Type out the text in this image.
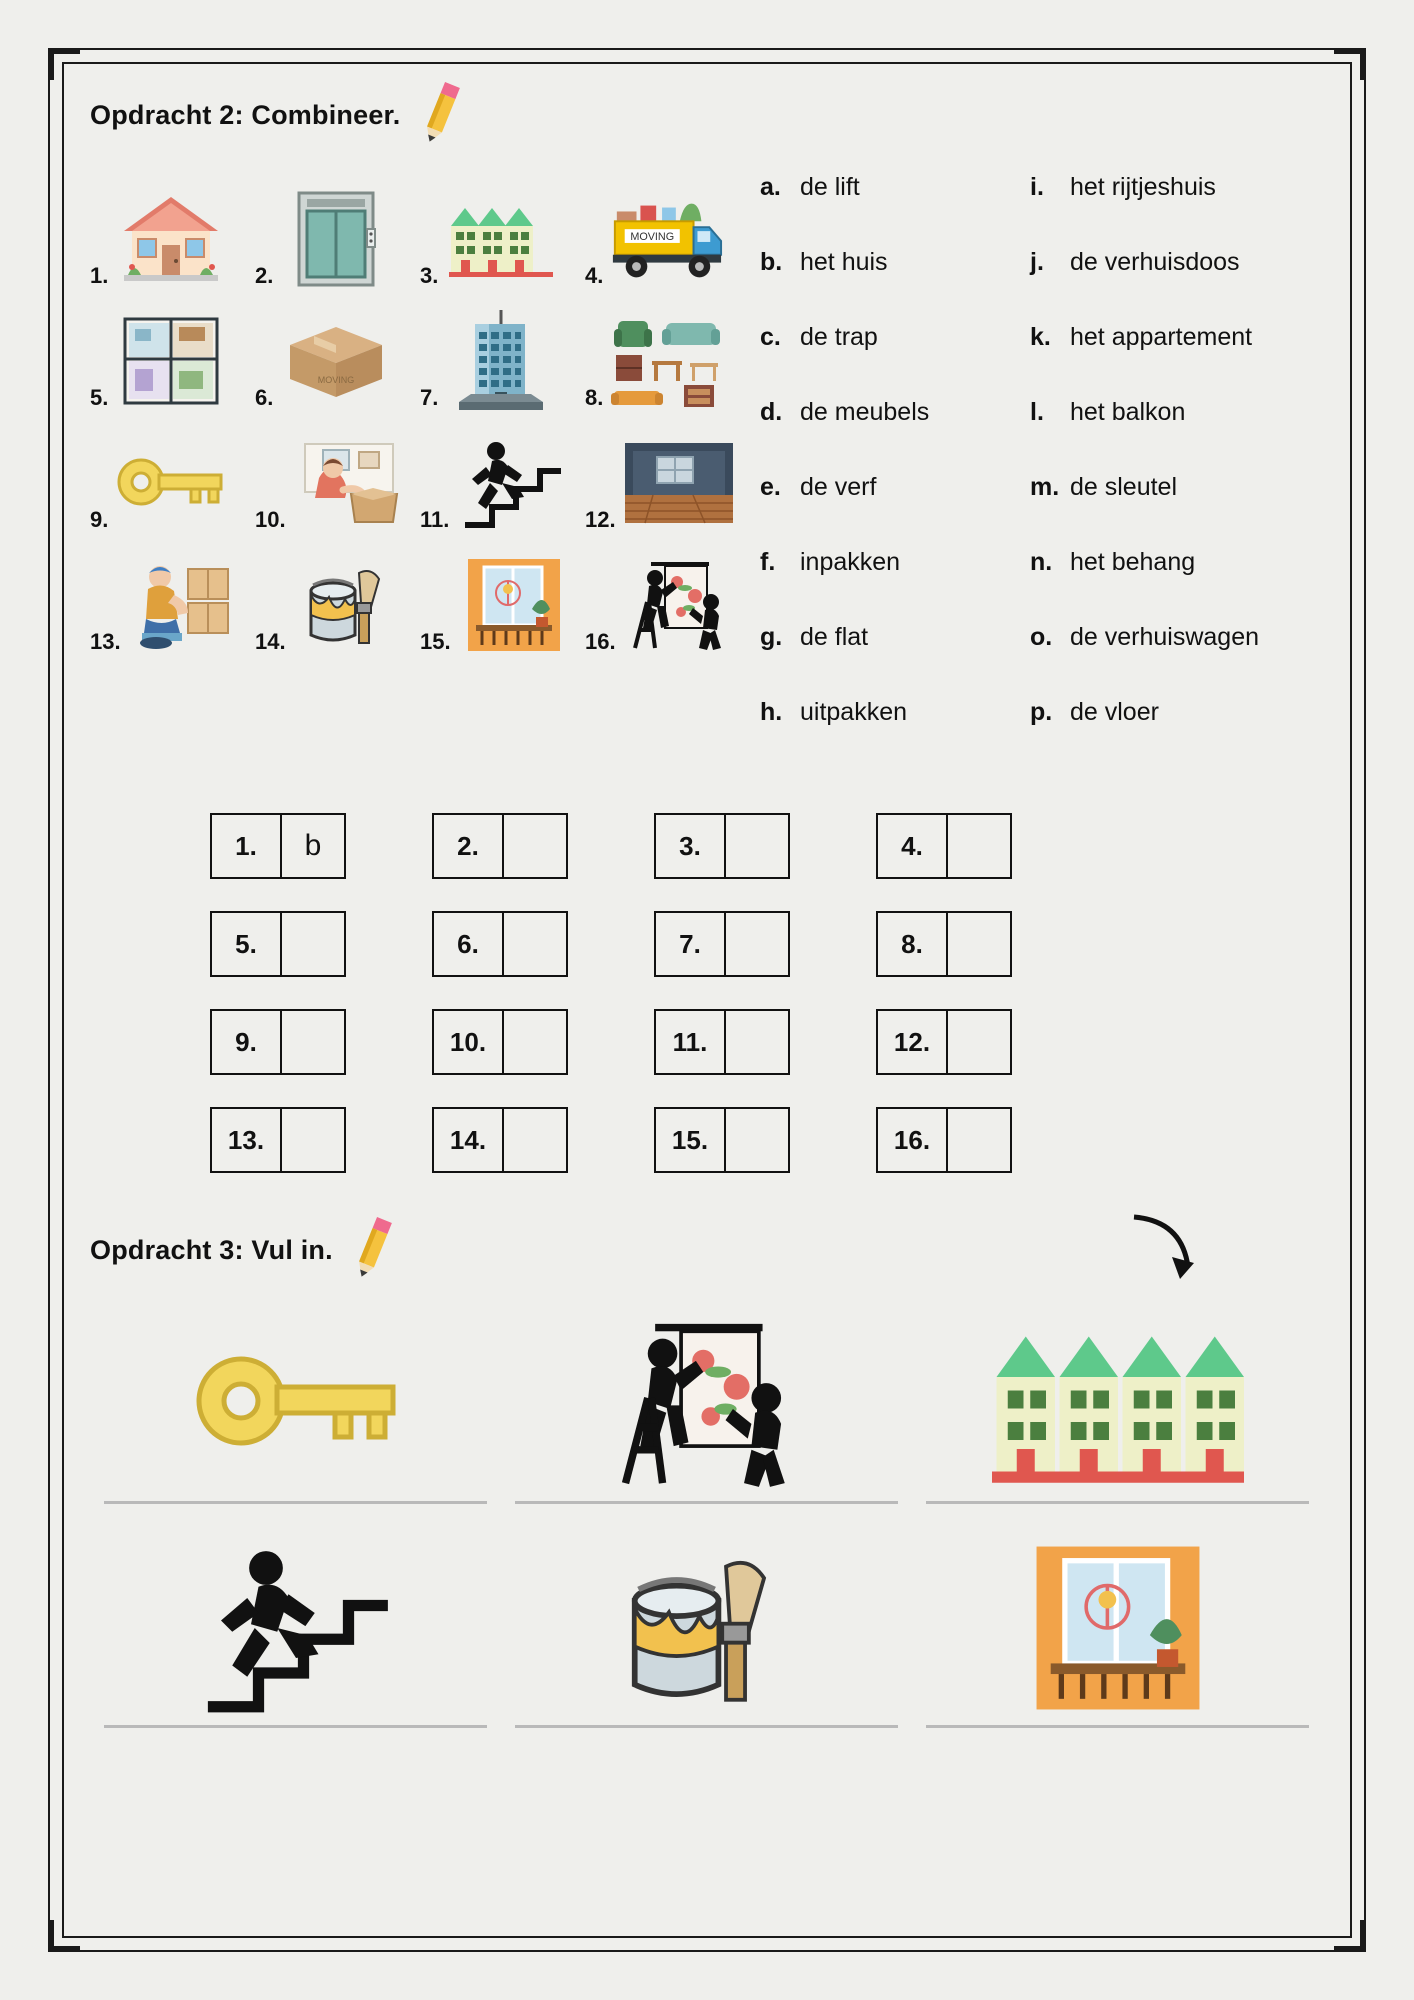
Opdracht 2: Combineer.
1.	2.	3.	4.
MOVING
5.	6.
MOVING
7.	8.
9.	10.	11.	12.
13.	14.	15.	16.
a. de lift
b. het huis
c. de trap
d. de meubels
e. de verf
f. inpakken
g. de flat
h. uitpakken
i.	het rijtjeshuis
j.	de verhuisdoos
k. het appartement
l.	het balkon
m. de sleutel
n. het behang
o. de verhuiswagen
p. de vloer
1.	b	2.	3.	4.
5.	6.	7.	8.
9.	10.	11.	12.
13.	14.	15.	16.
Opdracht 3: Vul in.
